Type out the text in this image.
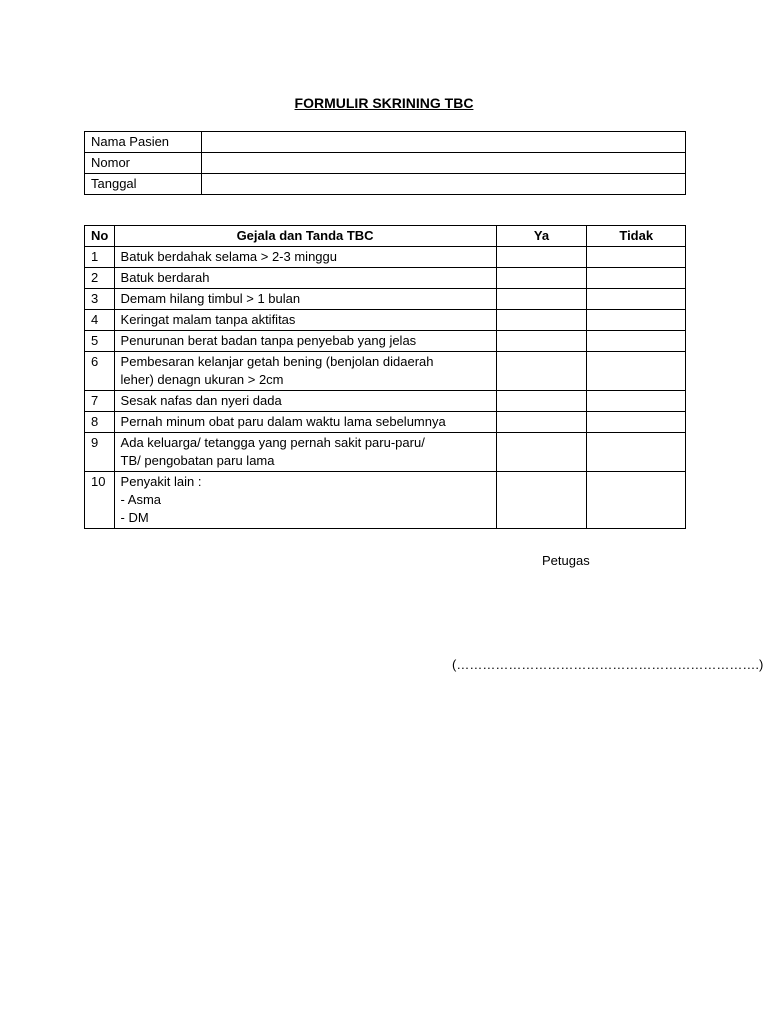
FORMULIR SKRINING TBC
Nama Pasien	
Nomor	
Tanggal	
No	Gejala dan Tanda TBC	Ya	Tidak
1	Batuk berdahak selama > 2-3 minggu		

2	Batuk berdarah		

3	Demam hilang timbul > 1 bulan		

4	Keringat malam tanpa aktifitas		

5	Penurunan berat badan tanpa penyebab yang jelas		

6	Pembesaran kelanjar getah bening (benjolan didaerah
leher) denagn ukuran > 2cm		

7	Sesak nafas dan nyeri dada		

8	Pernah minum obat paru dalam waktu lama sebelumnya		

9	Ada keluarga/ tetangga yang pernah sakit paru-paru/
TB/ pengobatan paru lama		

10	Penyakit lain :
- Asma
- DM		

Petugas
(…………………………………………………………….)
